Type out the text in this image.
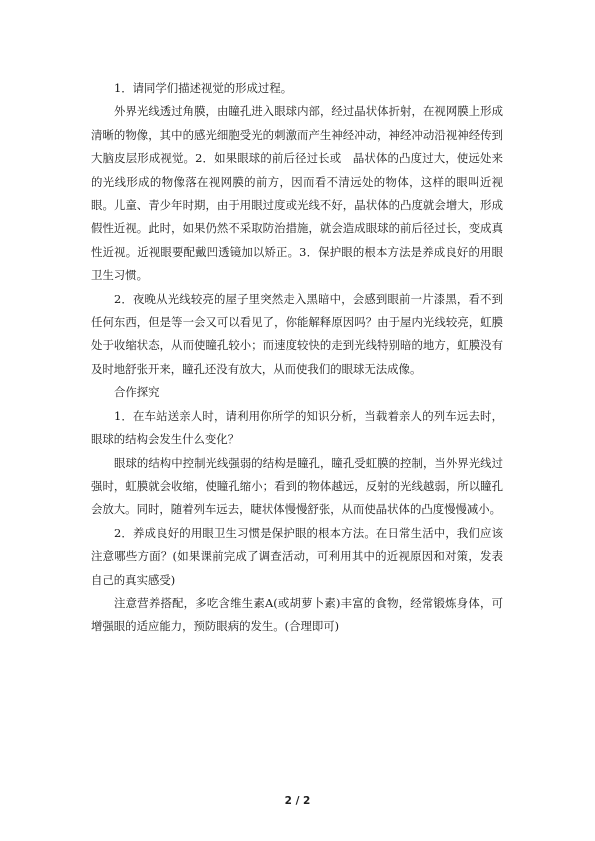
1．请同学们描述视觉的形成过程。

外界光线透过角膜，由瞳孔进入眼球内部，经过晶状体折射，在视网膜上形成清晰的物像，其中的感光细胞受光的刺激而产生神经冲动，神经冲动沿视神经传到大脑皮层形成视觉。2．如果眼球的前后径过长或　晶状体的凸度过大，使远处来的光线形成的物像落在视网膜的前方，因而看不清远处的物体，这样的眼叫近视眼。儿童、青少年时期，由于用眼过度或光线不好，晶状体的凸度就会增大，形成假性近视。此时，如果仍然不采取防治措施，就会造成眼球的前后径过长，变成真性近视。近视眼要配戴凹透镜加以矫正。3．保护眼的根本方法是养成良好的用眼卫生习惯。

2．夜晚从光线较亮的屋子里突然走入黑暗中，会感到眼前一片漆黑，看不到任何东西，但是等一会又可以看见了，你能解释原因吗？由于屋内光线较亮，虹膜处于收缩状态，从而使瞳孔较小；而速度较快的走到光线特别暗的地方，虹膜没有及时地舒张开来，瞳孔还没有放大，从而使我们的眼球无法成像。

合作探究

1．在车站送亲人时，请利用你所学的知识分析，当载着亲人的列车远去时，眼球的结构会发生什么变化？

眼球的结构中控制光线强弱的结构是瞳孔，瞳孔受虹膜的控制，当外界光线过强时，虹膜就会收缩，使瞳孔缩小；看到的物体越远，反射的光线越弱，所以瞳孔会放大。同时，随着列车远去，睫状体慢慢舒张，从而使晶状体的凸度慢慢减小。

2．养成良好的用眼卫生习惯是保护眼的根本方法。在日常生活中，我们应该注意哪些方面？(如果课前完成了调查活动，可利用其中的近视原因和对策，发表自己的真实感受)

注意营养搭配，多吃含维生素A(或胡萝卜素)丰富的食物，经常锻炼身体，可增强眼的适应能力，预防眼病的发生。(合理即可)

2 / 2
